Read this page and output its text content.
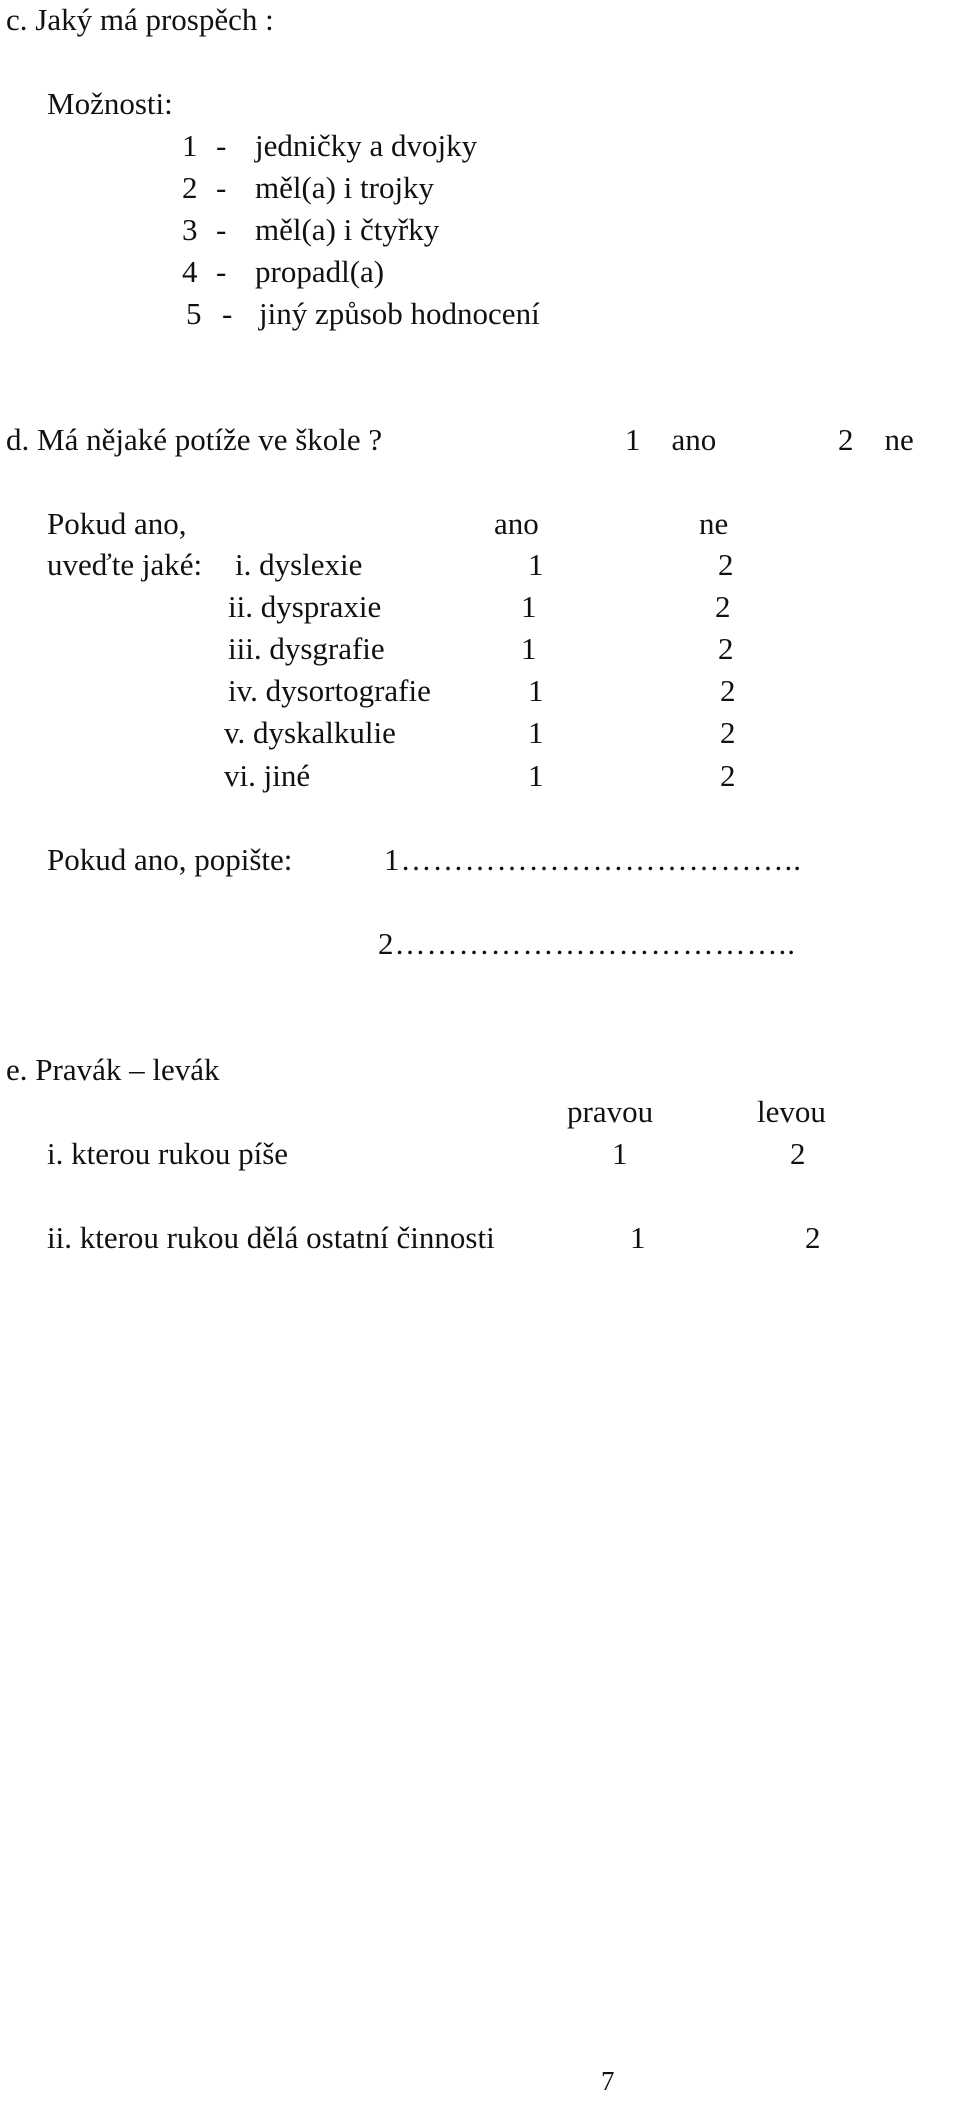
c. Jaký má prospěch :
Možnosti:
1 - jedničky a dvojky
2 - měl(a) i trojky
3 - měl(a) i čtyřky
4 - propadl(a)
5 - jiný způsob hodnocení
d. Má nějaké potíže ve škole ?	1    ano	2    ne
Pokud ano,	ano	ne
uveďte jaké: i. dyslexie	1	2
ii. dyspraxie	1	2
iii. dysgrafie	1	2
iv. dysortografie	1	2
v. dyskalkulie	1	2
vi. jiné	1	2
Pokud ano, popište:	1………………………………..
2………………………………..
e. Pravák – levák
pravou	levou
i. kterou rukou píše	1	2
ii. kterou rukou dělá ostatní činnosti	1	2
7
